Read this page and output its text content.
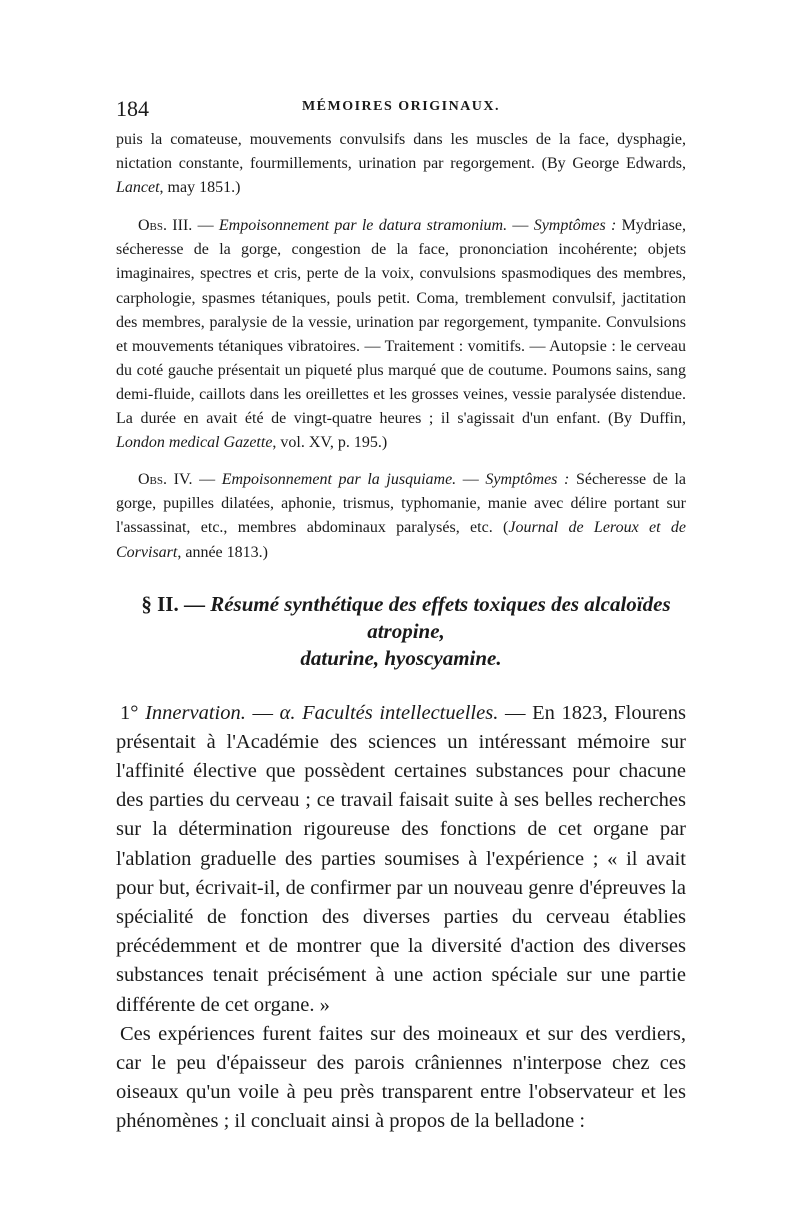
184	MÉMOIRES ORIGINAUX.

puis la comateuse, mouvements convulsifs dans les muscles de la face, dysphagie, nictation constante, fourmillements, urination par regorgement. (By George Edwards, Lancet, may 1851.)

Obs. III. — Empoisonnement par le datura stramonium. — Symptômes : Mydriase, sécheresse de la gorge, congestion de la face, prononciation incohérente; objets imaginaires, spectres et cris, perte de la voix, convulsions spasmodiques des membres, carphologie, spasmes tétaniques, pouls petit. Coma, tremblement convulsif, jactitation des membres, paralysie de la vessie, urination par regorgement, tympanite. Convulsions et mouvements tétaniques vibratoires. — Traitement : vomitifs. — Autopsie : le cerveau du coté gauche présentait un piqueté plus marqué que de coutume. Poumons sains, sang demi-fluide, caillots dans les oreillettes et les grosses veines, vessie paralysée distendue. La durée en avait été de vingt-quatre heures ; il s'agissait d'un enfant. (By Duffin, London medical Gazette, vol. XV, p. 195.)

Obs. IV. — Empoisonnement par la jusquiame. — Symptômes : Sécheresse de la gorge, pupilles dilatées, aphonie, trismus, typhomanie, manie avec délire portant sur l'assassinat, etc., membres abdominaux paralysés, etc. (Journal de Leroux et de Corvisart, année 1813.)

§ II. — Résumé synthétique des effets toxiques des alcaloïdes atropine,
daturine, hyoscyamine.

1° Innervation. — α. Facultés intellectuelles. — En 1823, Flourens présentait à l'Académie des sciences un intéressant mémoire sur l'affinité élective que possèdent certaines substances pour chacune des parties du cerveau ; ce travail faisait suite à ses belles recherches sur la détermination rigoureuse des fonctions de cet organe par l'ablation graduelle des parties soumises à l'expérience ; « il avait pour but, écrivait-il, de confirmer par un nouveau genre d'épreuves la spécialité de fonction des diverses parties du cerveau établies précédemment et de montrer que la diversité d'action des diverses substances tenait précisément à une action spéciale sur une partie différente de cet organe. »

Ces expériences furent faites sur des moineaux et sur des verdiers, car le peu d'épaisseur des parois crâniennes n'interpose chez ces oiseaux qu'un voile à peu près transparent entre l'observateur et les phénomènes ; il concluait ainsi à propos de la belladone :
